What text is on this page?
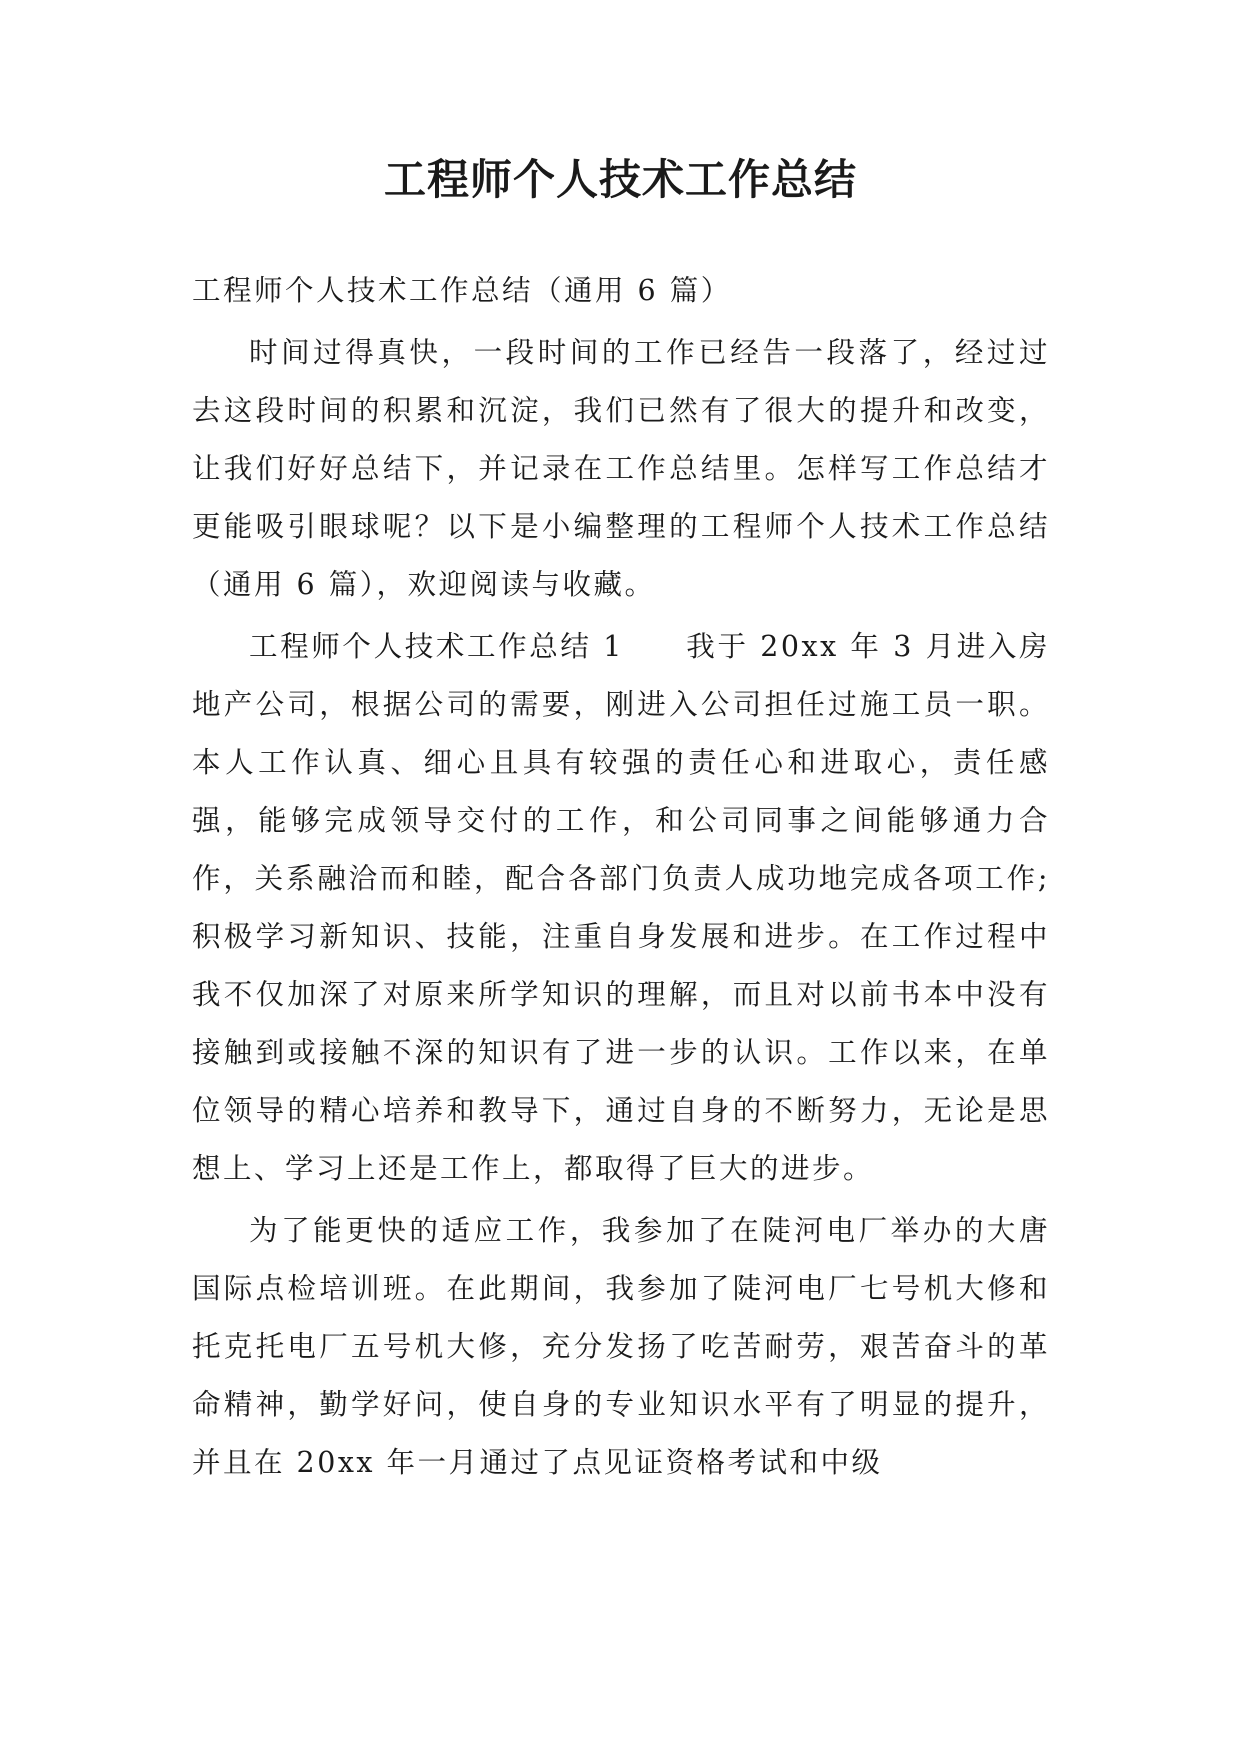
工程师个人技术工作总结

工程师个人技术工作总结（通用 6 篇）

时间过得真快，一段时间的工作已经告一段落了，经过过去这段时间的积累和沉淀，我们已然有了很大的提升和改变，让我们好好总结下，并记录在工作总结里。怎样写工作总结才更能吸引眼球呢？以下是小编整理的工程师个人技术工作总结（通用 6 篇），欢迎阅读与收藏。

工程师个人技术工作总结 1　　我于 20xx 年 3 月进入房地产公司，根据公司的需要，刚进入公司担任过施工员一职。本人工作认真、细心且具有较强的责任心和进取心，责任感强，能够完成领导交付的工作，和公司同事之间能够通力合作，关系融洽而和睦，配合各部门负责人成功地完成各项工作;积极学习新知识、技能，注重自身发展和进步。在工作过程中我不仅加深了对原来所学知识的理解，而且对以前书本中没有接触到或接触不深的知识有了进一步的认识。工作以来，在单位领导的精心培养和教导下，通过自身的不断努力，无论是思想上、学习上还是工作上，都取得了巨大的进步。

为了能更快的适应工作，我参加了在陡河电厂举办的大唐国际点检培训班。在此期间，我参加了陡河电厂七号机大修和托克托电厂五号机大修，充分发扬了吃苦耐劳，艰苦奋斗的革命精神，勤学好问，使自身的专业知识水平有了明显的提升，并且在 20xx 年一月通过了点见证资格考试和中级
